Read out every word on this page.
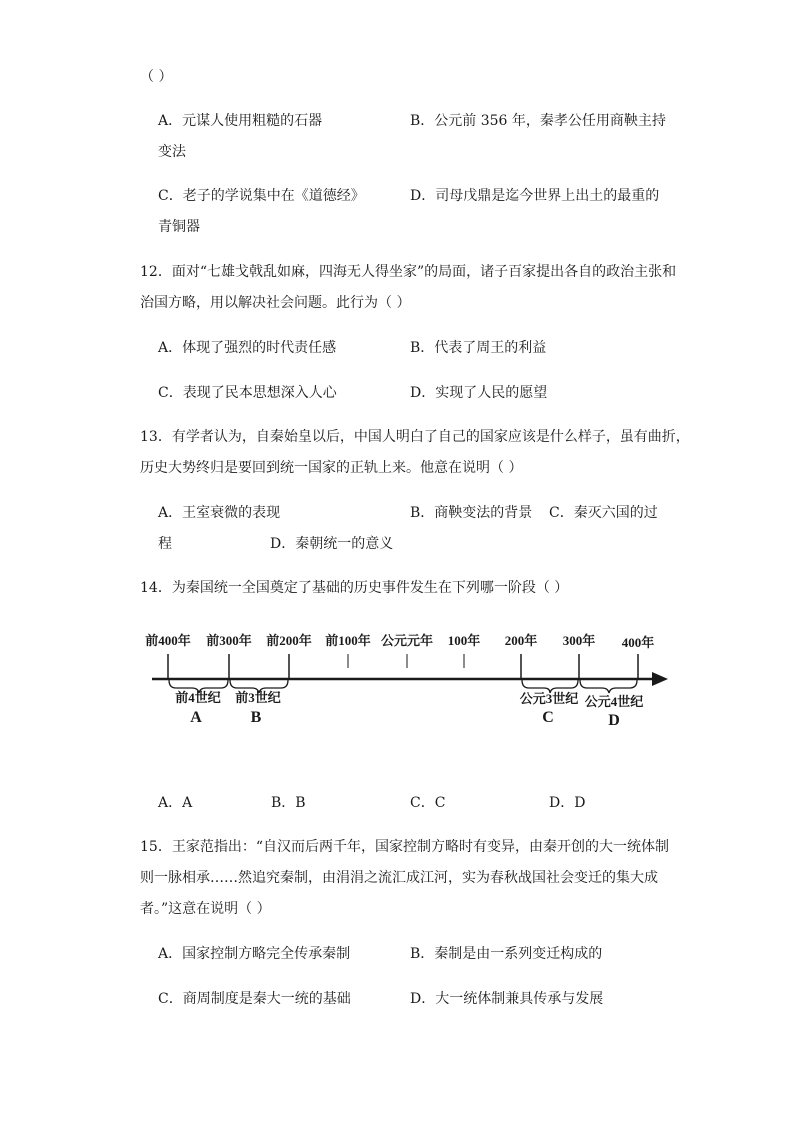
（ ）
A．元谋人使用粗糙的石器	B．公元前 356 年，秦孝公任用商鞅主持
变法
C．老子的学说集中在《道德经》	D．司母戊鼎是迄今世界上出土的最重的
青铜器
12．面对“七雄戈戟乱如麻，四海无人得坐家”的局面，诸子百家提出各自的政治主张和
治国方略，用以解决社会问题。此行为（ ）
A．体现了强烈的时代责任感	B．代表了周王的利益
C．表现了民本思想深入人心	D．实现了人民的愿望
13．有学者认为，自秦始皇以后，中国人明白了自己的国家应该是什么样子，虽有曲折，
历史大势终归是要回到统一国家的正轨上来。他意在说明（ ）
A．王室衰微的表现	B．商鞅变法的背景 C．秦灭六国的过
程	D．秦朝统一的意义
14．为秦国统一全国奠定了基础的历史事件发生在下列哪一阶段（ ）
前400年 前300年 前200年 前100年 公元元年 100年 200年 300年 400年
前4世纪
A
前3世纪
B
公元3世纪
C
公元4世纪
D
A．A	B．B	C．C	D．D
15．王家范指出：“自汉而后两千年，国家控制方略时有变异，由秦开创的大一统体制
则一脉相承……然追究秦制，由涓涓之流汇成江河，实为春秋战国社会变迁的集大成
者。”这意在说明（ ）
A．国家控制方略完全传承秦制	B．秦制是由一系列变迁构成的
C．商周制度是秦大一统的基础	D．大一统体制兼具传承与发展
